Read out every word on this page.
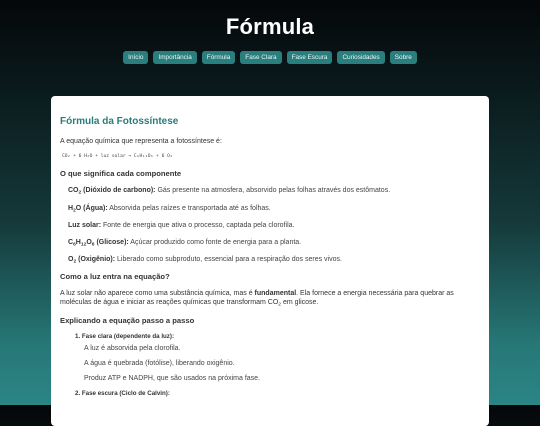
Fórmula
Início	Importância	Fórmula	Fase Clara	Fase Escura	Curiosidades	Sobre
Fórmula da Fotossíntese
A equação química que representa a fotossíntese é:
CO₂ + 6 H₂O + luz solar → C₆H₁₂O₆ + 6 O₂
O que significa cada componente
$CO_2$ (Dióxido de carbono): Gás presente na atmosfera, absorvido pelas folhas através dos estômatos.
$H_2O$ (Água): Absorvida pelas raízes e transportada até as folhas.
Luz solar: Fonte de energia que ativa o processo, captada pela clorofila.
$C_6H_{12}O_6$ (Glicose): Açúcar produzido como fonte de energia para a planta.
$O_2$ (Oxigênio): Liberado como subproduto, essencial para a respiração dos seres vivos.
Como a luz entra na equação?
A luz solar não aparece como uma substância química, mas é fundamental. Ela fornece a energia necessária para quebrar as moléculas de água e iniciar as reações químicas que transformam $CO_2$ em glicose.
Explicando a equação passo a passo
1. Fase clara (dependente da luz):
A luz é absorvida pela clorofila.
A água é quebrada (fotólise), liberando oxigênio.
Produz ATP e NADPH, que são usados na próxima fase.
2. Fase escura (Ciclo de Calvin):
